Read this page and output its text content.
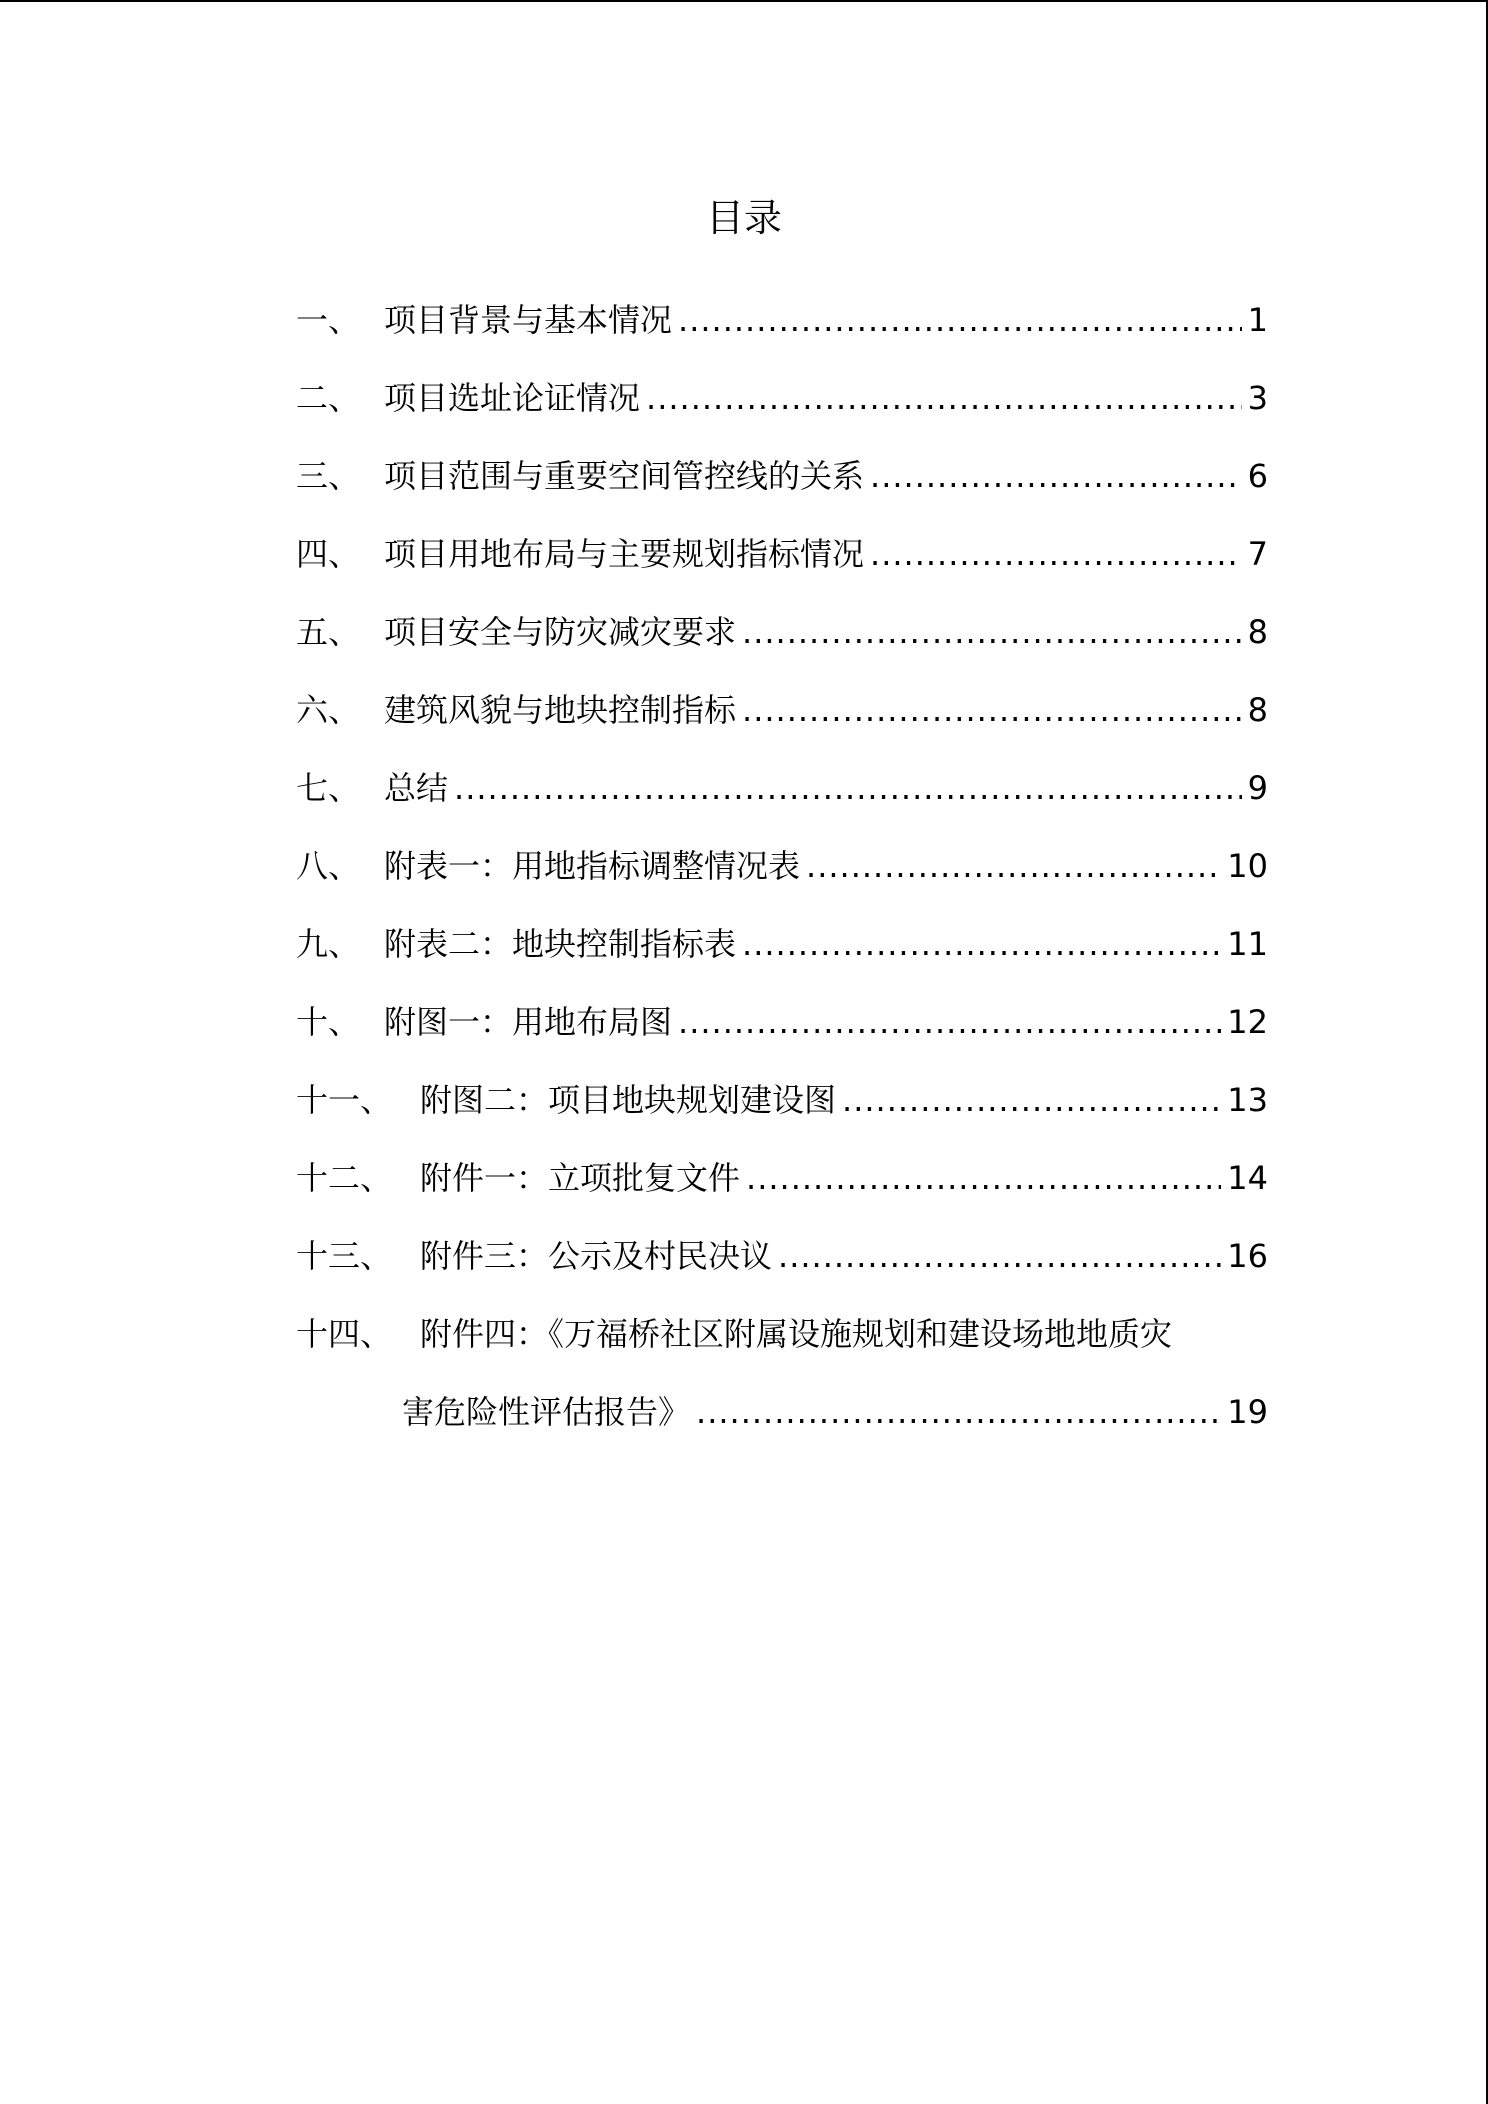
目录
一、 项目背景与基本情况 .....	1
二、 项目选址论证情况 .....	3
三、 项目范围与重要空间管控线的关系 .....	6
四、 项目用地布局与主要规划指标情况 .....	7
五、 项目安全与防灾减灾要求 .....	8
六、 建筑风貌与地块控制指标 .....	8
七、 总结 .....	9
八、 附表一：用地指标调整情况表 .....	10
九、 附表二：地块控制指标表 .....	11
十、 附图一：用地布局图 .....	12
十一、 附图二：项目地块规划建设图 .....	13
十二、 附件一：立项批复文件 .....	14
十三、 附件三：公示及村民决议 .....	16
十四、 附件四：《万福桥社区附属设施规划和建设场地地质灾
害危险性评估报告》 .....	19
